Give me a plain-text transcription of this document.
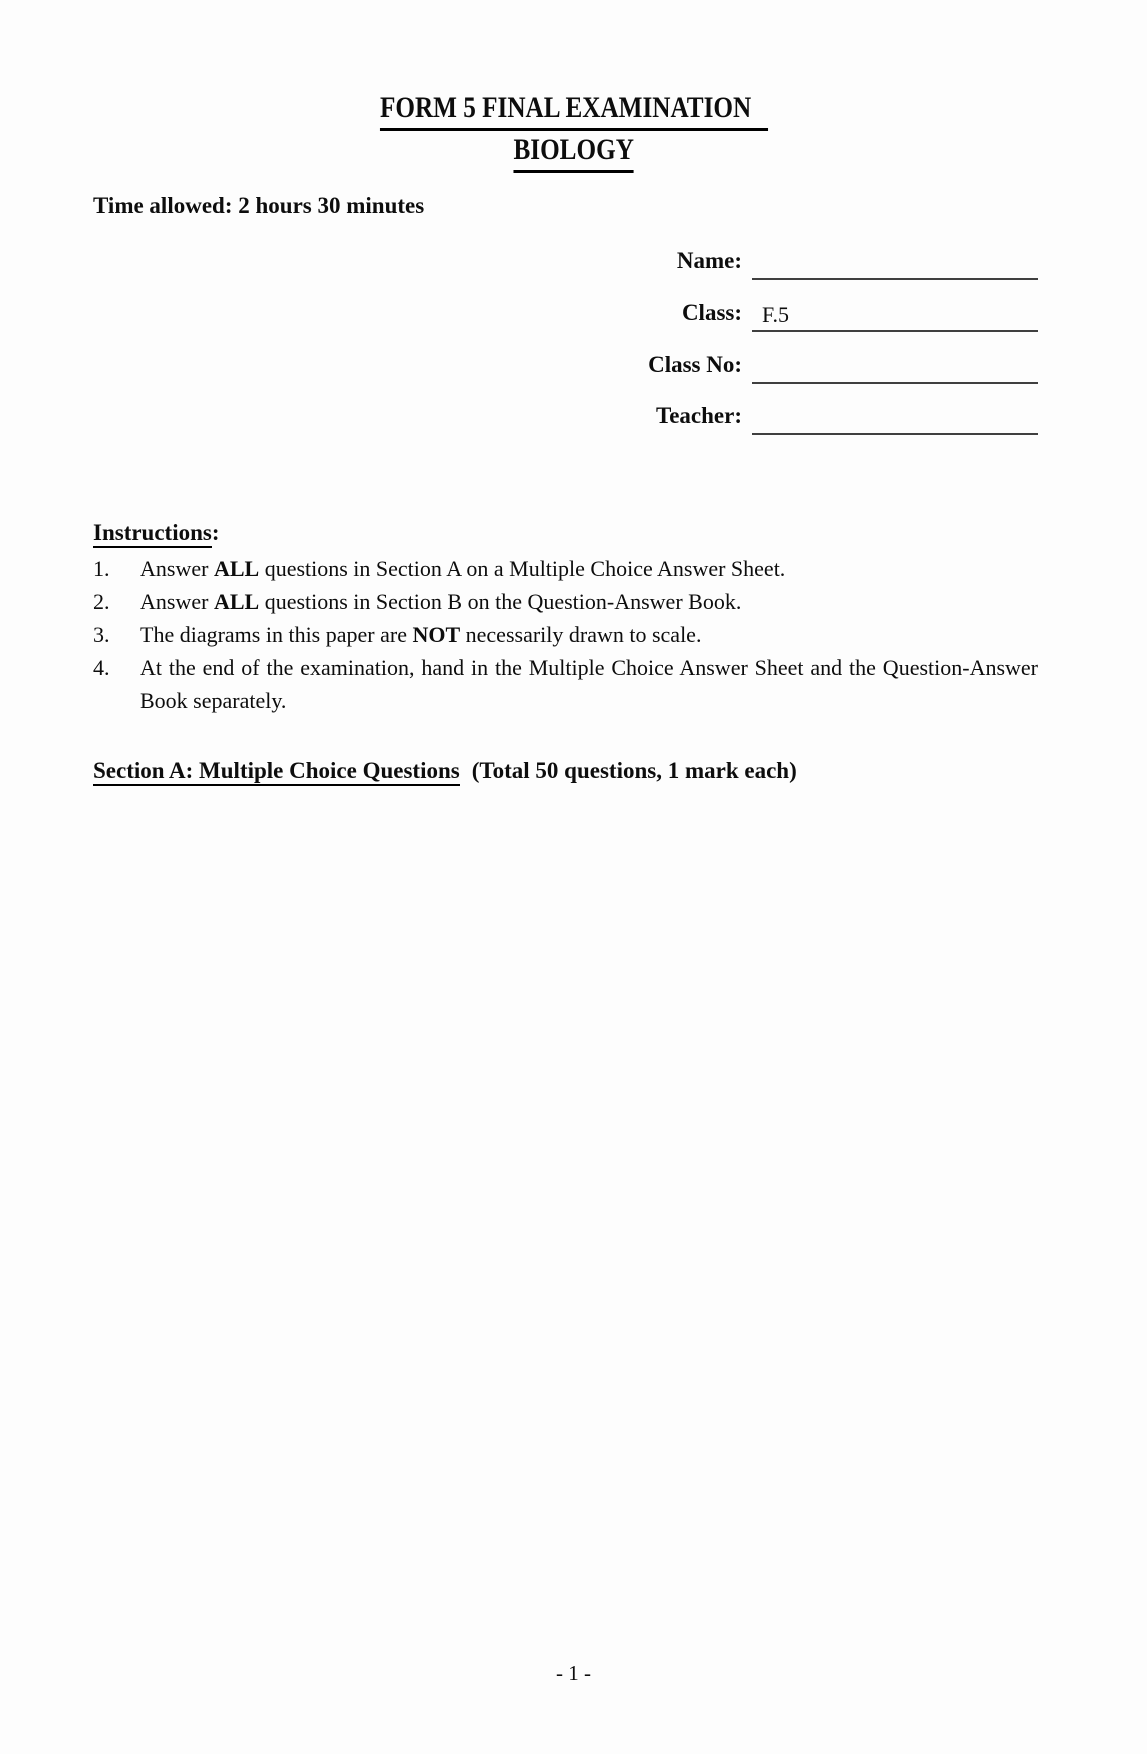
FORM 5 FINAL EXAMINATION
BIOLOGY
Time allowed: 2 hours 30 minutes
Name:
Class: F.5
Class No:
Teacher:
Instructions:
1.	Answer ALL questions in Section A on a Multiple Choice Answer Sheet.
2.	Answer ALL questions in Section B on the Question-Answer Book.
3.	The diagrams in this paper are NOT necessarily drawn to scale.
4.	At the end of the examination, hand in the Multiple Choice Answer Sheet and the Question-Answer Book separately.
Section A: Multiple Choice Questions (Total 50 questions, 1 mark each)
- 1 -
